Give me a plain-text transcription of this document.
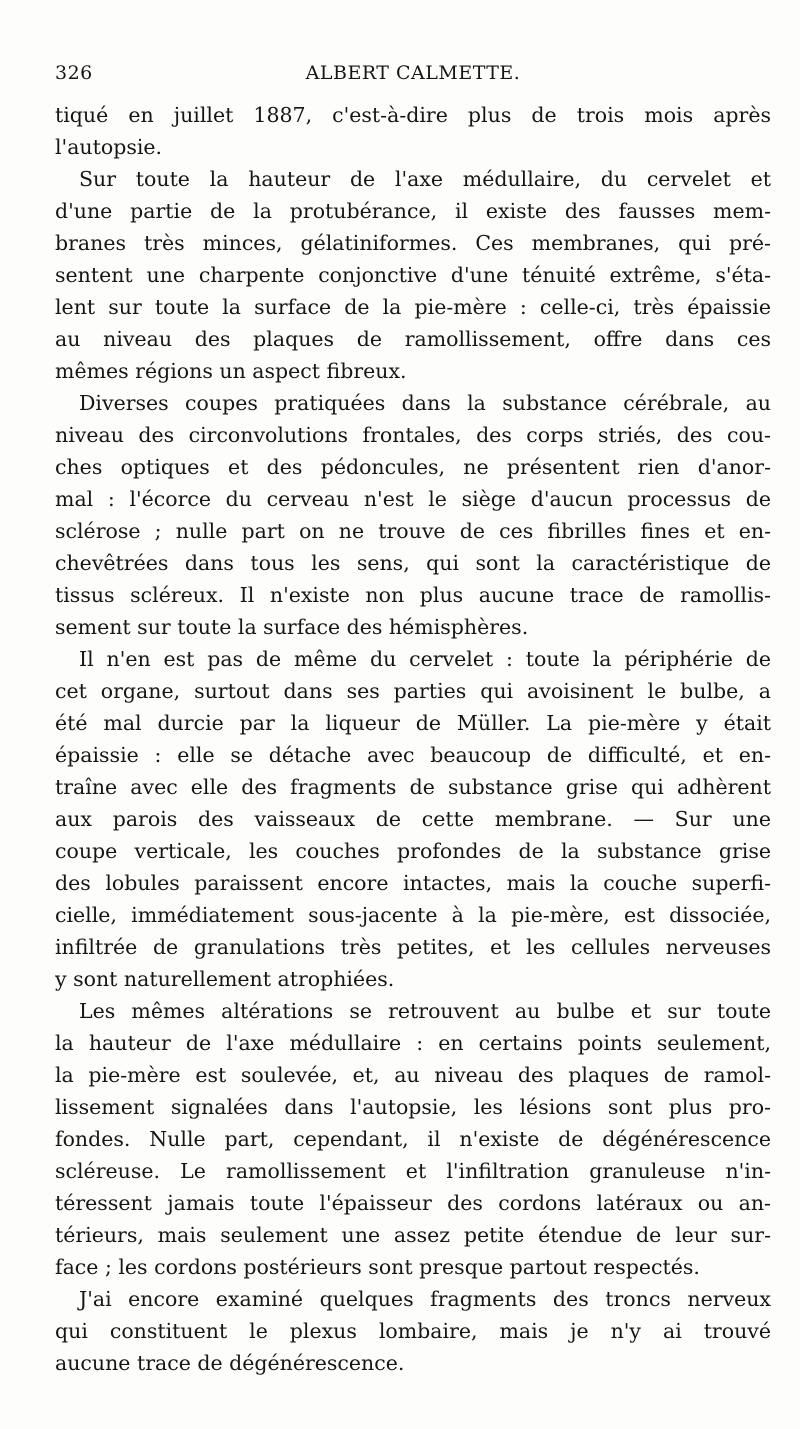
326	ALBERT CALMETTE.
tiqué en juillet 1887, c'est-à-dire plus de trois mois après
l'autopsie.
Sur toute la hauteur de l'axe médullaire, du cervelet et
d'une partie de la protubérance, il existe des fausses mem-
branes très minces, gélatiniformes. Ces membranes, qui pré-
sentent une charpente conjonctive d'une ténuité extrême, s'éta-
lent sur toute la surface de la pie-mère : celle-ci, très épaissie
au niveau des plaques de ramollissement, offre dans ces
mêmes régions un aspect fibreux.
Diverses coupes pratiquées dans la substance cérébrale, au
niveau des circonvolutions frontales, des corps striés, des cou-
ches optiques et des pédoncules, ne présentent rien d'anor-
mal : l'écorce du cerveau n'est le siège d'aucun processus de
sclérose ; nulle part on ne trouve de ces fibrilles fines et en-
chevêtrées dans tous les sens, qui sont la caractéristique de
tissus scléreux. Il n'existe non plus aucune trace de ramollis-
sement sur toute la surface des hémisphères.
Il n'en est pas de même du cervelet : toute la périphérie de
cet organe, surtout dans ses parties qui avoisinent le bulbe, a
été mal durcie par la liqueur de Müller. La pie-mère y était
épaissie : elle se détache avec beaucoup de difficulté, et en-
traîne avec elle des fragments de substance grise qui adhèrent
aux parois des vaisseaux de cette membrane. — Sur une
coupe verticale, les couches profondes de la substance grise
des lobules paraissent encore intactes, mais la couche superfi-
cielle, immédiatement sous-jacente à la pie-mère, est dissociée,
infiltrée de granulations très petites, et les cellules nerveuses
y sont naturellement atrophiées.
Les mêmes altérations se retrouvent au bulbe et sur toute
la hauteur de l'axe médullaire : en certains points seulement,
la pie-mère est soulevée, et, au niveau des plaques de ramol-
lissement signalées dans l'autopsie, les lésions sont plus pro-
fondes. Nulle part, cependant, il n'existe de dégénérescence
scléreuse. Le ramollissement et l'infiltration granuleuse n'in-
téressent jamais toute l'épaisseur des cordons latéraux ou an-
térieurs, mais seulement une assez petite étendue de leur sur-
face ; les cordons postérieurs sont presque partout respectés.
J'ai encore examiné quelques fragments des troncs nerveux
qui constituent le plexus lombaire, mais je n'y ai trouvé
aucune trace de dégénérescence.
